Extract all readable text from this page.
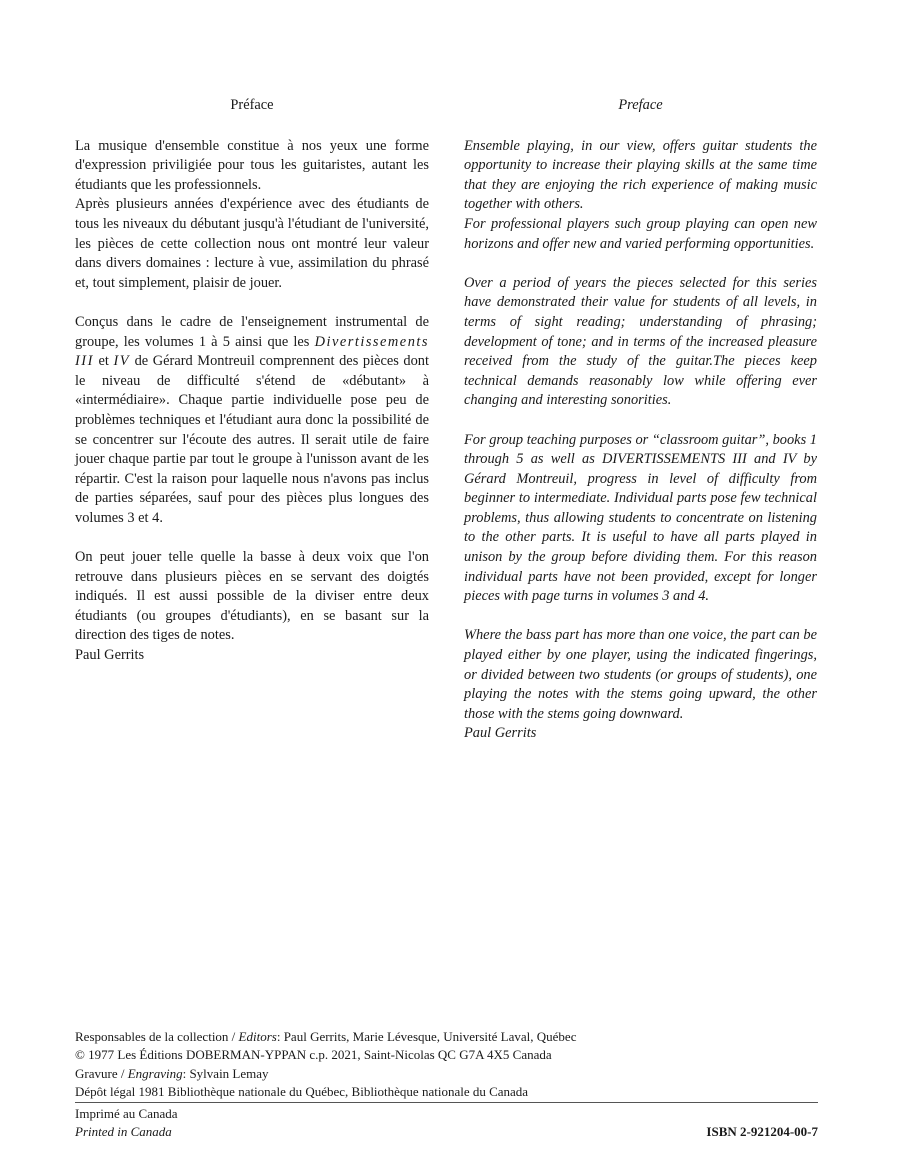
Préface

La musique d'ensemble constitue à nos yeux une forme d'expression priviligiée pour tous les guitaristes, autant les étudiants que les professionnels.

Après plusieurs années d'expérience avec des étudiants de tous les niveaux du débutant jusqu'à l'étudiant de l'université, les pièces de cette collection nous ont montré leur valeur dans divers domaines : lecture à vue, assimilation du phrasé et, tout simplement, plaisir de jouer.

Conçus dans le cadre de l'enseignement instrumental de groupe, les volumes 1 à 5 ainsi que les Divertissements III et IV de Gérard Montreuil comprennent des pièces dont le niveau de difficulté s'étend de «débutant» à «intermédiaire». Chaque partie individuelle pose peu de problèmes techniques et l'étudiant aura donc la possibilité de se concentrer sur l'écoute des autres. Il serait utile de faire jouer chaque partie par tout le groupe à l'unisson avant de les répartir. C'est la raison pour laquelle nous n'avons pas inclus de parties séparées, sauf pour des pièces plus longues des volumes 3 et 4.

On peut jouer telle quelle la basse à deux voix que l'on retrouve dans plusieurs pièces en se servant des doigtés indiqués. Il est aussi possible de la diviser entre deux étudiants (ou groupes d'étudiants), en se basant sur la direction des tiges de notes.

Paul Gerrits

Preface

Ensemble playing, in our view, offers guitar students the opportunity to increase their playing skills at the same time that they are enjoying the rich experience of making music together with others.

For professional players such group playing can open new horizons and offer new and varied performing opportunities.

Over a period of years the pieces selected for this series have demonstrated their value for students of all levels, in terms of sight reading; understanding of phrasing; development of tone; and in terms of the increased pleasure received from the study of the guitar.The pieces keep technical demands reasonably low while offering ever changing and interesting sonorities.

For group teaching purposes or “classroom guitar”, books 1 through 5 as well as DIVERTISSEMENTS III and IV by Gérard Montreuil, progress in level of difficulty from beginner to intermediate. Individual parts pose few technical problems, thus allowing students to concentrate on listening to the other parts. It is useful to have all parts played in unison by the group before dividing them. For this reason individual parts have not been provided, except for longer pieces with page turns in volumes 3 and 4.

Where the bass part has more than one voice, the part can be played either by one player, using the indicated fingerings, or divided between two students (or groups of students), one playing the notes with the stems going upward, the other those with the stems going downward.

Paul Gerrits

Responsables de la collection / Editors: Paul Gerrits, Marie Lévesque, Université Laval, Québec
© 1977 Les Éditions DOBERMAN-YPPAN c.p. 2021, Saint-Nicolas QC G7A 4X5 Canada
Gravure / Engraving: Sylvain Lemay
Dépôt légal 1981 Bibliothèque nationale du Québec, Bibliothèque nationale du Canada
Imprimé au Canada
Printed in Canada	ISBN 2-921204-00-7
